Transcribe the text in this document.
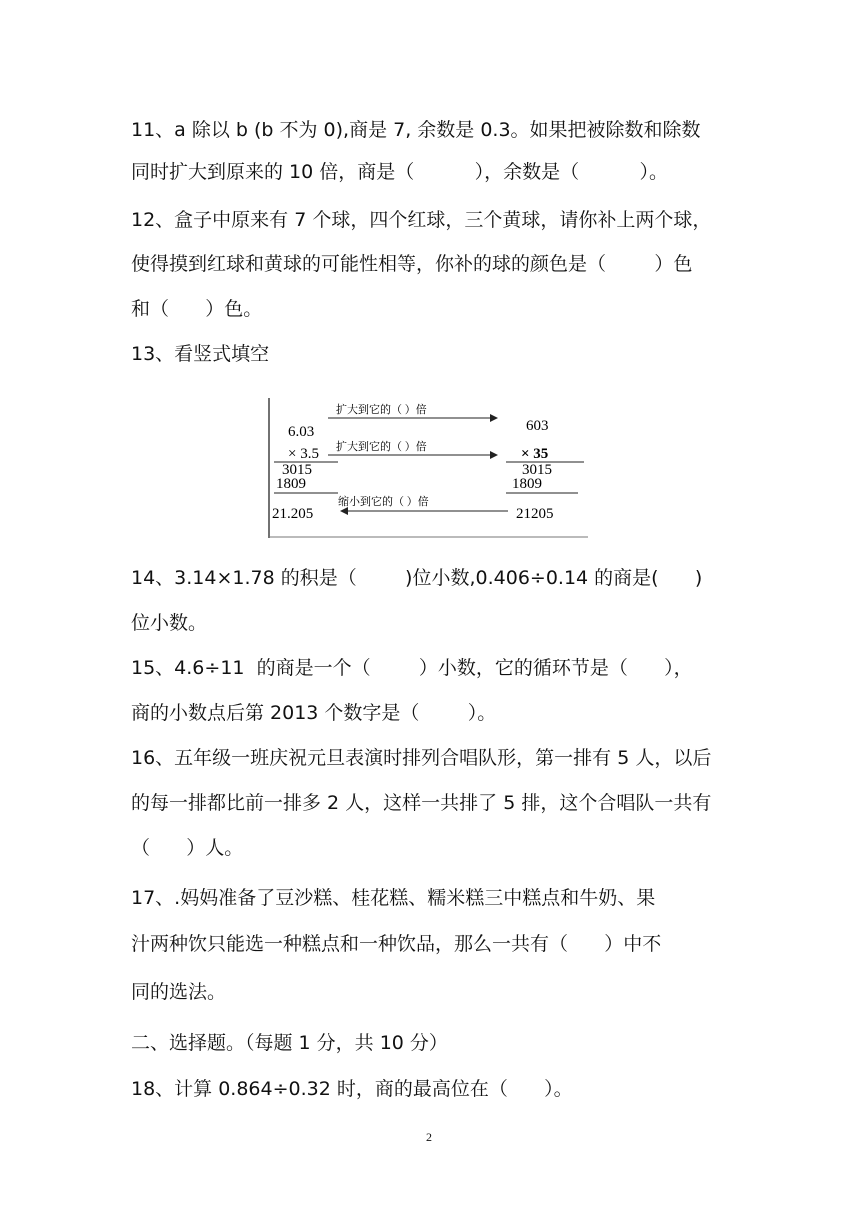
11、a 除以 b (b 不为 0),商是 7, 余数是 0.3。如果把被除数和除数
同时扩大到原来的 10 倍，商是（          ），余数是（          ）。
12、盒子中原来有 7 个球，四个红球，三个黄球，请你补上两个球，
使得摸到红球和黄球的可能性相等，你补的球的颜色是（        ）色
和（      ）色。
13、看竖式填空
6.03
× 3.5
3015
1809
21.205
603
× 35
3015
1809
21205
扩大到它的（ ）倍
扩大到它的（ ）倍
缩小到它的（ ）倍
14、3.14×1.78 的积是（        )位小数,0.406÷0.14 的商是(      )
位小数。
15、4.6÷11  的商是一个（        ）小数，它的循环节是（      ），
商的小数点后第 2013 个数字是（        ）。
16、五年级一班庆祝元旦表演时排列合唱队形，第一排有 5 人，以后
的每一排都比前一排多 2 人，这样一共排了 5 排，这个合唱队一共有
（      ）人。
17、.妈妈准备了豆沙糕、桂花糕、糯米糕三中糕点和牛奶、果
汁两种饮只能选一种糕点和一种饮品，那么一共有（      ）中不
同的选法。
二、选择题。（每题 1 分，共 10 分）
18、计算 0.864÷0.32 时，商的最高位在（      ）。
2
